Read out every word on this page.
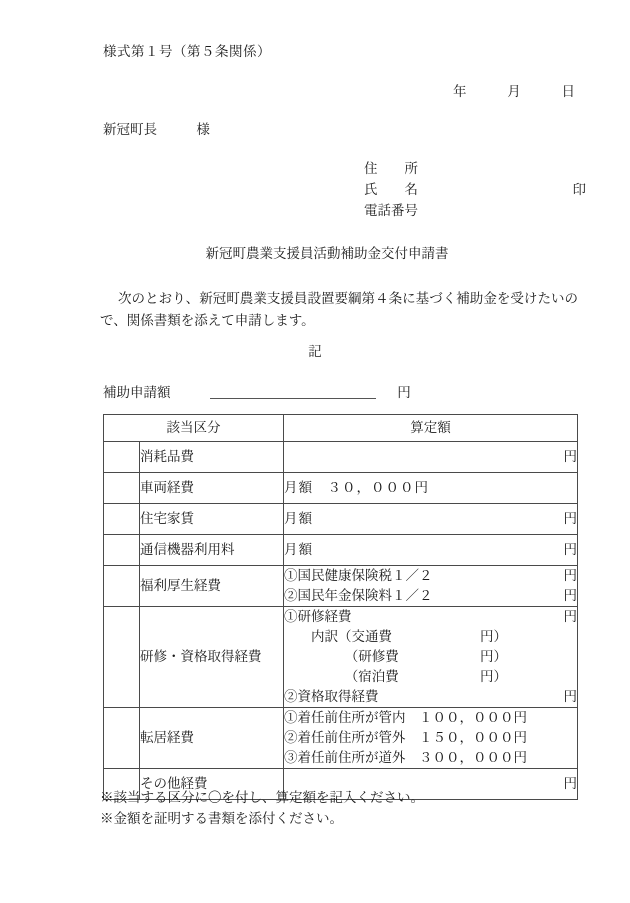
様式第１号（第５条関係）
年	月	日
新冠町長	様
住　　所
氏　　名	印
電話番号
新冠町農業支援員活動補助金交付申請書
次のとおり、新冠町農業支援員設置要綱第４条に基づく補助金を受けたいので、関係書類を添えて申請します。
記
補助申請額	円
該当区分		算定額
	消耗品費	円

	車両経費	月額　３０，０００円

	住宅家賃	月額 円

	通信機器利用料	月額 円

	福利厚生経費	①国民健康保険税１／２ 円
②国民年金保険料１／２ 円

	研修・資格取得経費	
①研修経費	円
　　内訳（交通費	円）
　　　　　（研修費	円）
　　　　　（宿泊費	円）
②資格取得経費	円

	転居経費	①着任前住所が管内　１００，０００円
②着任前住所が管外　１５０，０００円
③着任前住所が道外　３００，０００円

	その他経費	円
※該当する区分に〇を付し、算定額を記入ください。
※金額を証明する書類を添付ください。
